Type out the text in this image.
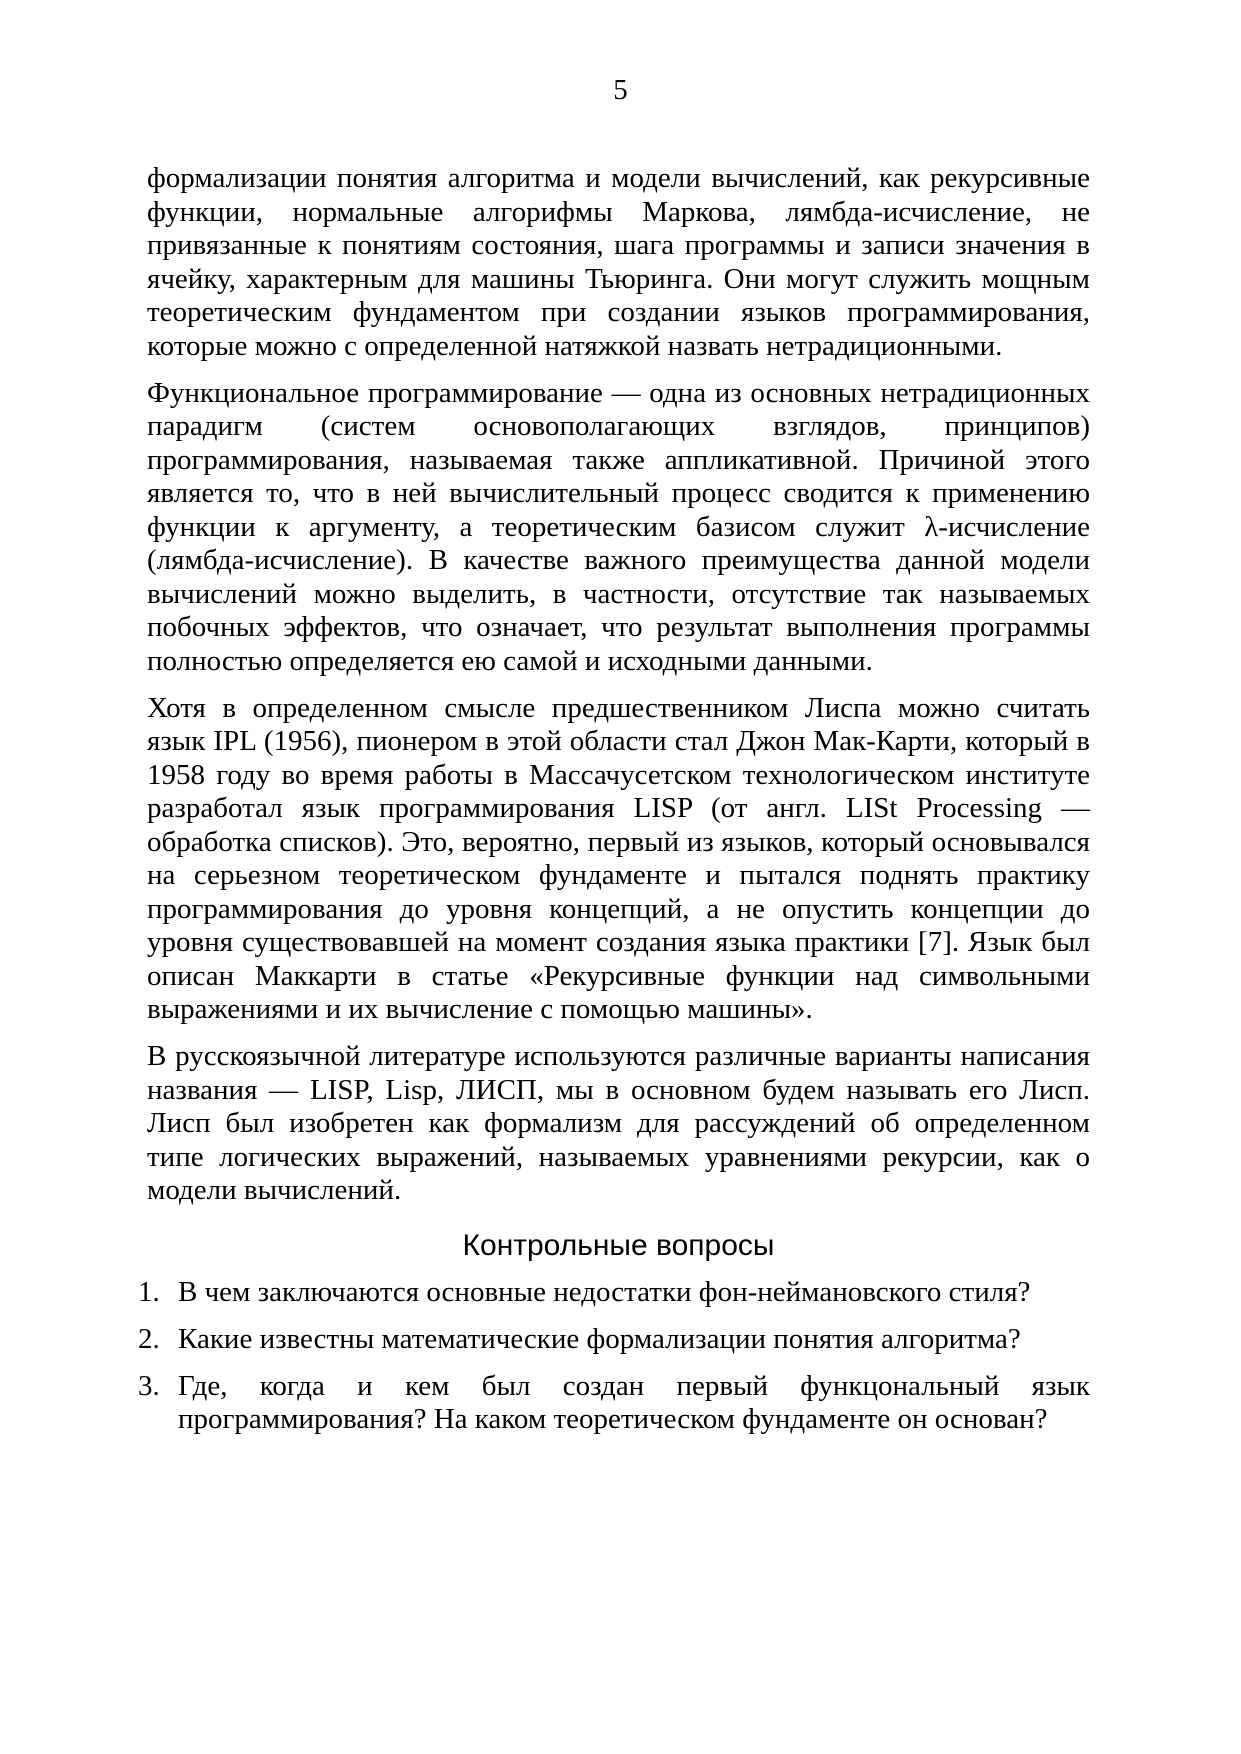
5

формализации понятия алгоритма и модели вычислений, как рекурсивные функции, нормальные алгорифмы Маркова, лямбда-исчисление, не привязанные к понятиям состояния, шага программы и записи значения в ячейку, характерным для машины Тьюринга. Они могут служить мощным теоретическим фундаментом при создании языков программирования, которые можно с определенной натяжкой назвать нетрадиционными.

Функциональное программирование — одна из основных нетрадиционных парадигм (систем основополагающих взглядов, принципов) программирования, называемая также аппликативной. Причиной этого является то, что в ней вычислительный процесс сводится к применению функции к аргументу, а теоретическим базисом служит λ-исчисление (лямбда-исчисление). В качестве важного преимущества данной модели вычислений можно выделить, в частности, отсутствие так называемых побочных эффектов, что означает, что результат выполнения программы полностью определяется ею самой и исходными данными.

Хотя в определенном смысле предшественником Лиспа можно считать язык IPL (1956), пионером в этой области стал Джон Мак-Карти, который в 1958 году во время работы в Массачусетском технологическом институте разработал язык программирования LISP (от англ. LISt Processing — обработка списков). Это, вероятно, первый из языков, который основывался на серьезном теоретическом фундаменте и пытался поднять практику программирования до уровня концепций, а не опустить концепции до уровня существовавшей на момент создания языка практики [7]. Язык был описан Маккарти в статье «Рекурсивные функции над символьными выражениями и их вычисление с помощью машины».

В русскоязычной литературе используются различные варианты написания названия — LISP, Lisp, ЛИСП, мы в основном будем называть его Лисп. Лисп был изобретен как формализм для рассуждений об определенном типе логических выражений, называемых уравнениями рекурсии, как о модели вычислений.

Контрольные вопросы
1. В чем заключаются основные недостатки фон-неймановского стиля?
2. Какие известны математические формализации понятия алгоритма?
3. Где, когда и кем был создан первый функцональный язык программирования? На каком теоретическом фундаменте он основан?
